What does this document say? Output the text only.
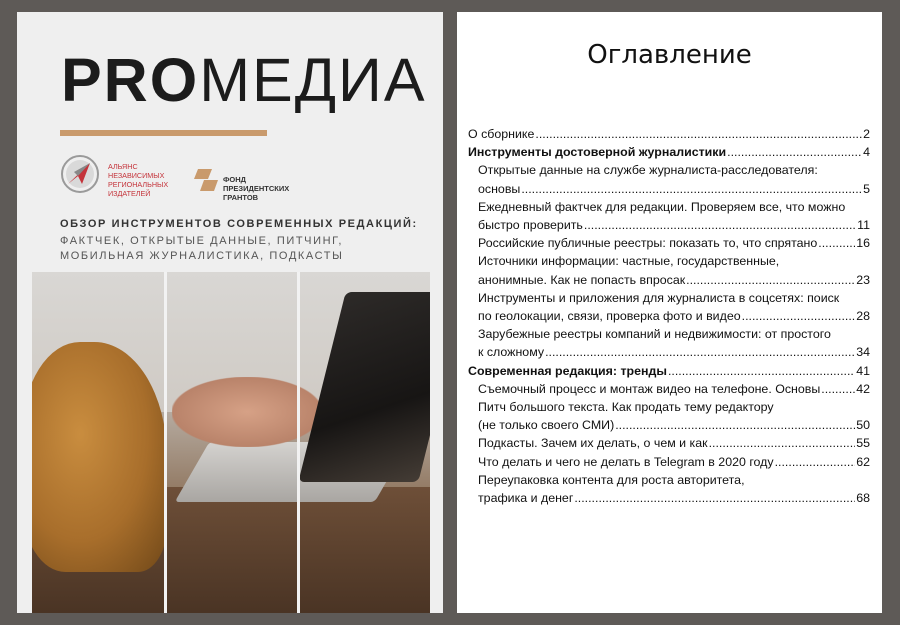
PROМЕДИА
АЛЬЯНС
НЕЗАВИСИМЫХ
РЕГИОНАЛЬНЫХ
ИЗДАТЕЛЕЙ
ФОНД
ПРЕЗИДЕНТСКИХ
ГРАНТОВ
ОБЗОР ИНСТРУМЕНТОВ СОВРЕМЕННЫХ РЕДАКЦИЙ:
ФАКТЧЕК, ОТКРЫТЫЕ ДАННЫЕ, ПИТЧИНГ,
МОБИЛЬНАЯ ЖУРНАЛИСТИКА, ПОДКАСТЫ
Оглавление
О сборнике .....	2
Инструменты достоверной журналистики .....	4
Открытые данные на службе журналиста-расследователя:
основы .....	5
Ежедневный фактчек для редакции. Проверяем все, что можно
быстро проверить .....	11
Российские публичные реестры: показать то, что спрятано .....	16
Источники информации: частные, государственные,
анонимные. Как не попасть впросак .....	23
Инструменты и приложения для журналиста в соцсетях: поиск
по геолокации, связи, проверка фото и видео .....	28
Зарубежные реестры компаний и недвижимости: от простого
к сложному .....	34
Современная редакция: тренды .....	41
Съемочный процесс и монтаж видео на телефоне. Основы .....	42
Питч большого текста. Как продать тему редактору
(не только своего СМИ) .....	50
Подкасты. Зачем их делать, о чем и как .....	55
Что делать и чего не делать в Telegram в 2020 году .....	62
Переупаковка контента для роста авторитета,
трафика и денег .....	68
